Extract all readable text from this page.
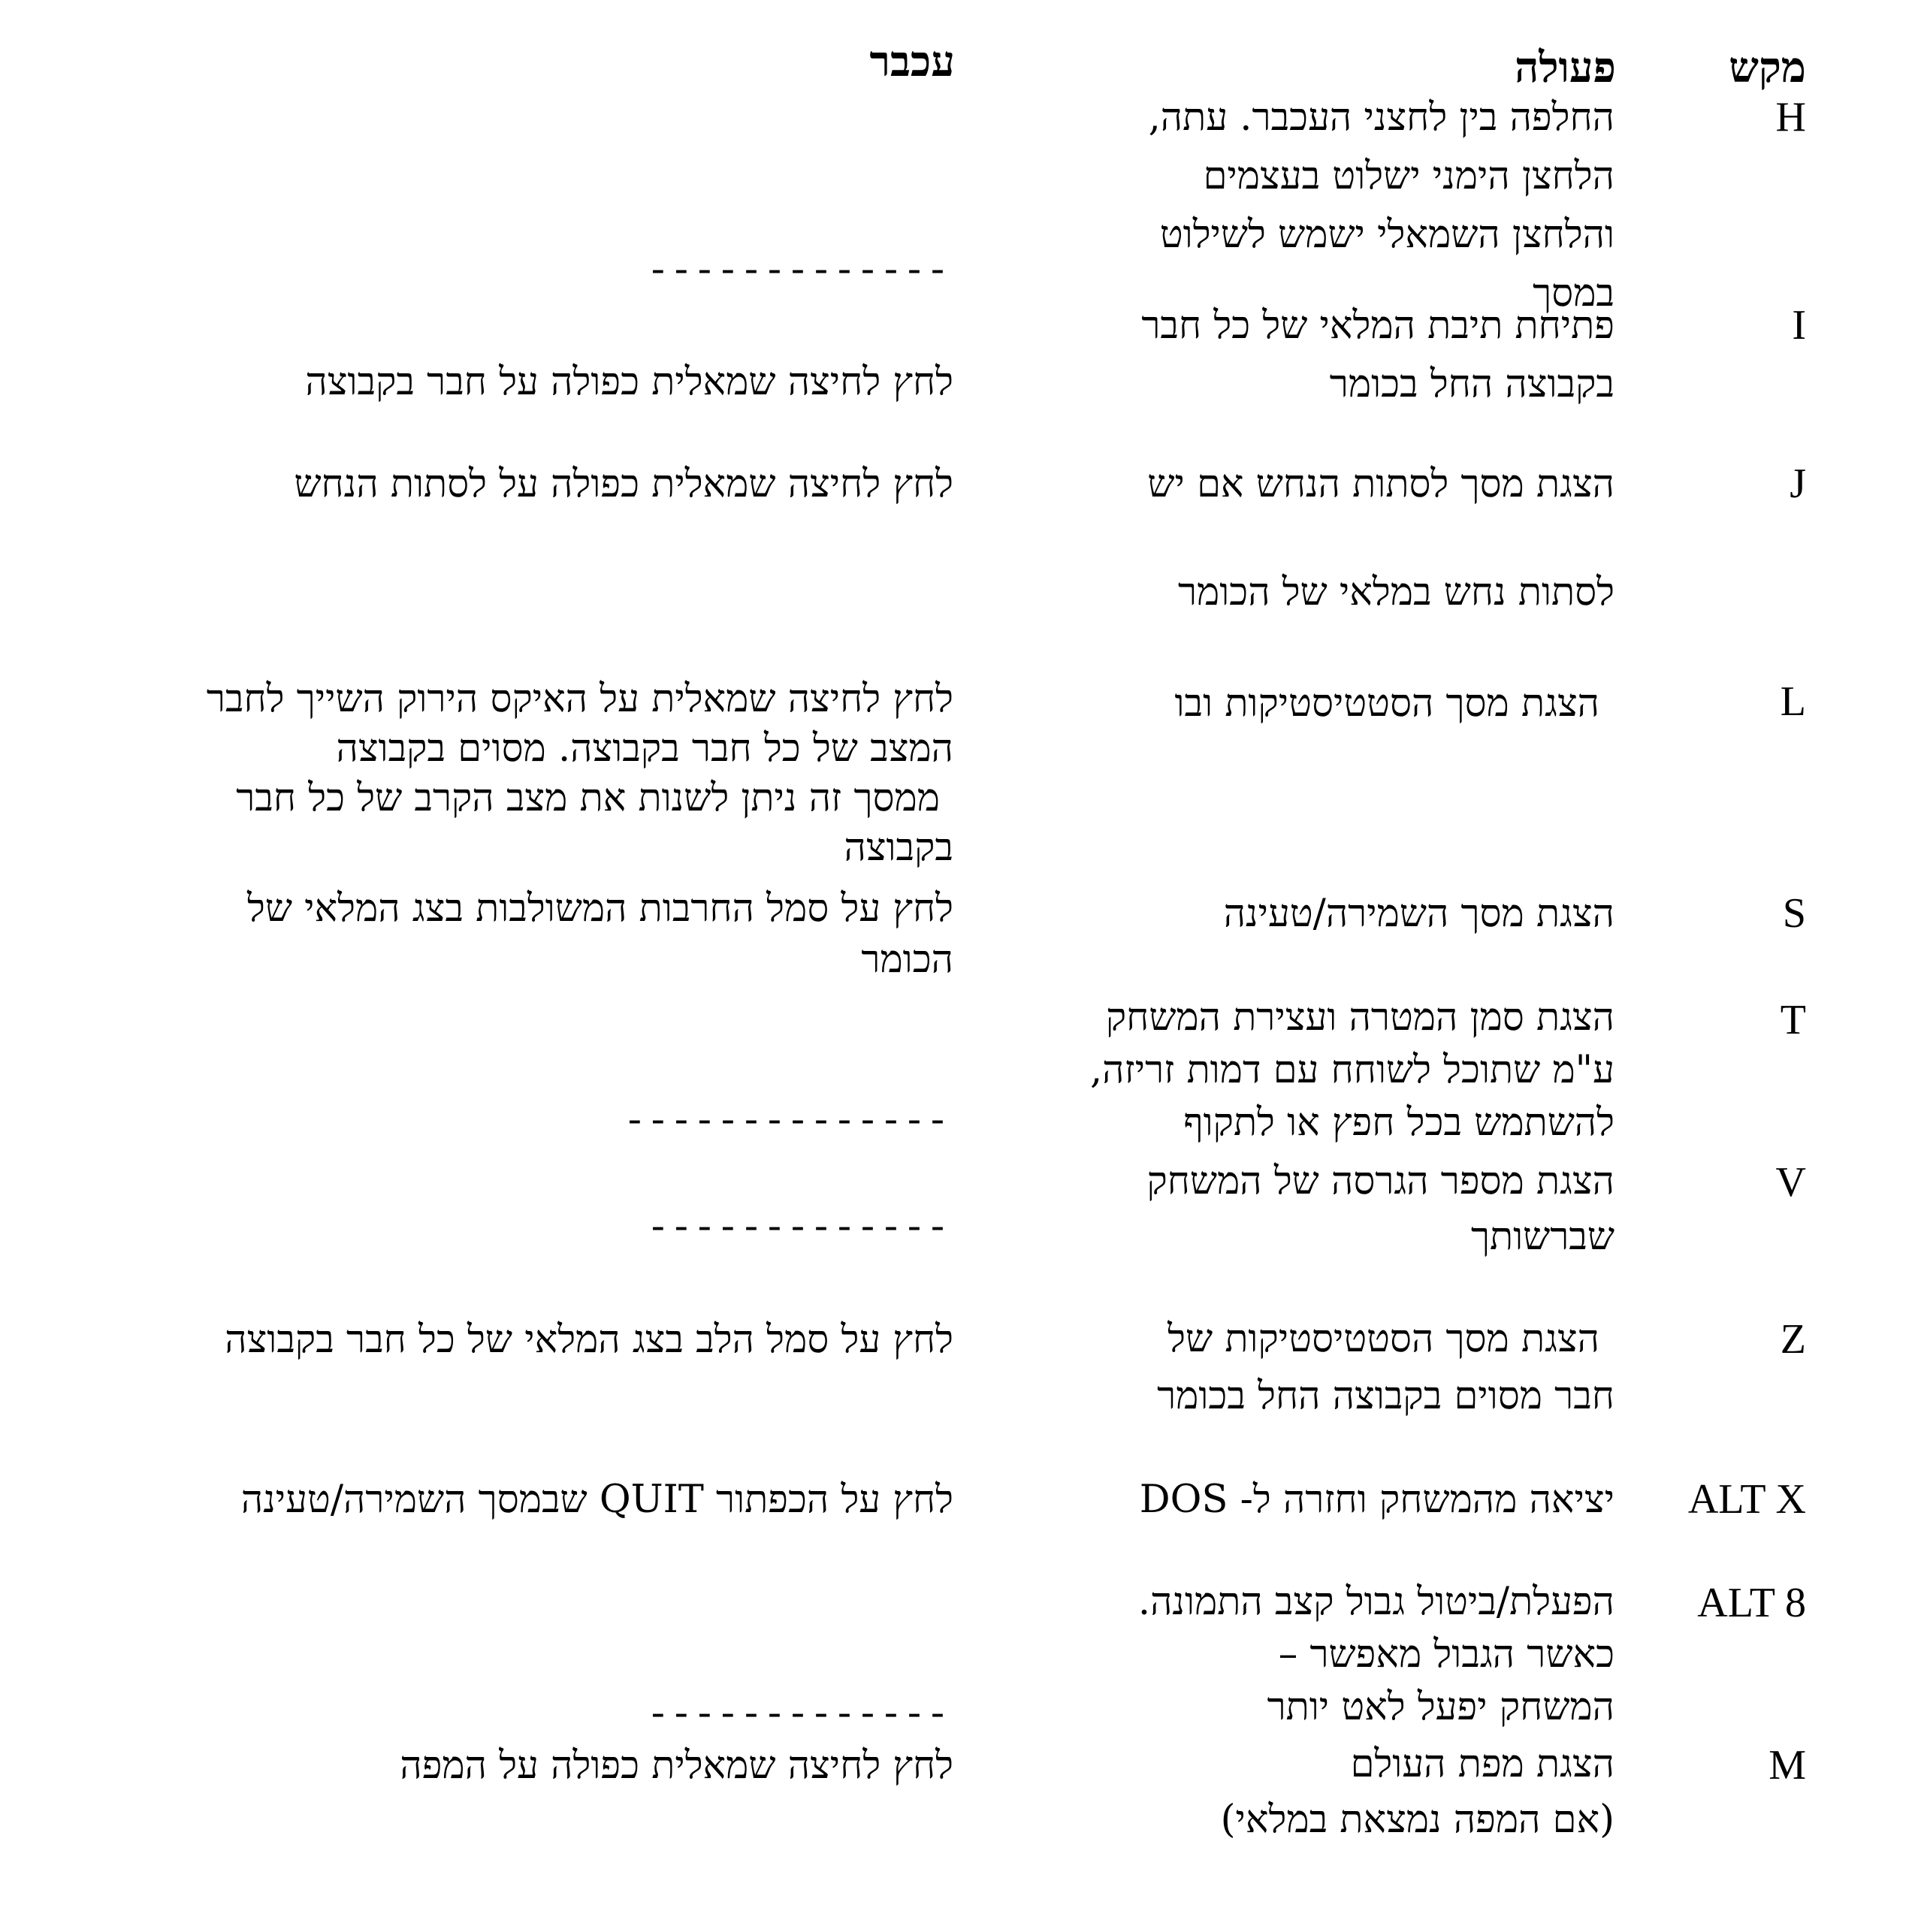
מקש
פעולה
עכבר
H
החלפה בין לחצני העכבר. עתה,
הלחצן הימני ישלוט בעצמים
והלחצן השמאלי ישמש לשילוט
במסך
-------------
I
פתיחת תיבת המלאי של כל חבר
בקבוצה החל בכומר
לחץ לחיצה שמאלית כפולה על חבר בקבוצה
J
הצגת מסך לסתות הנחש אם יש
לסתות נחש במלאי של הכומר
לחץ לחיצה שמאלית כפולה על לסתות הנחש
L
הצגת מסך הסטטיסטיקות ובו
לחץ לחיצה שמאלית על האיקס הירוק השייך לחבר
המצב של כל חבר בקבוצה. מסוים בקבוצה
ממסך זה ניתן לשנות את מצב הקרב של כל חבר
בקבוצה
S
הצגת מסך השמירה/טעינה
לחץ על סמל החרבות המשולבות בצג המלאי של
הכומר
T
הצגת סמן המטרה ועצירת המשחק
ע"מ שתוכל לשוחח עם דמות זריזה,
להשתמש בכל חפץ או לתקוף
--------------
V
הצגת מספר הגרסה של המשחק
שברשותך
-------------
Z
הצגת מסך הסטטיסטיקות של
חבר מסוים בקבוצה החל בכומר
לחץ על סמל הלב בצג המלאי של כל חבר בקבוצה
ALT X
יציאה מהמשחק וחזרה ל- DOS
לחץ על הכפתור QUIT שבמסך השמירה/טעינה
ALT 8
הפעלת/ביטול גבול קצב התמונה.
כאשר הגבול מאפשר –
המשחק יפעל לאט יותר
-------------
M
הצגת מפת העולם
(אם המפה נמצאת במלאי)
לחץ לחיצה שמאלית כפולה על המפה
